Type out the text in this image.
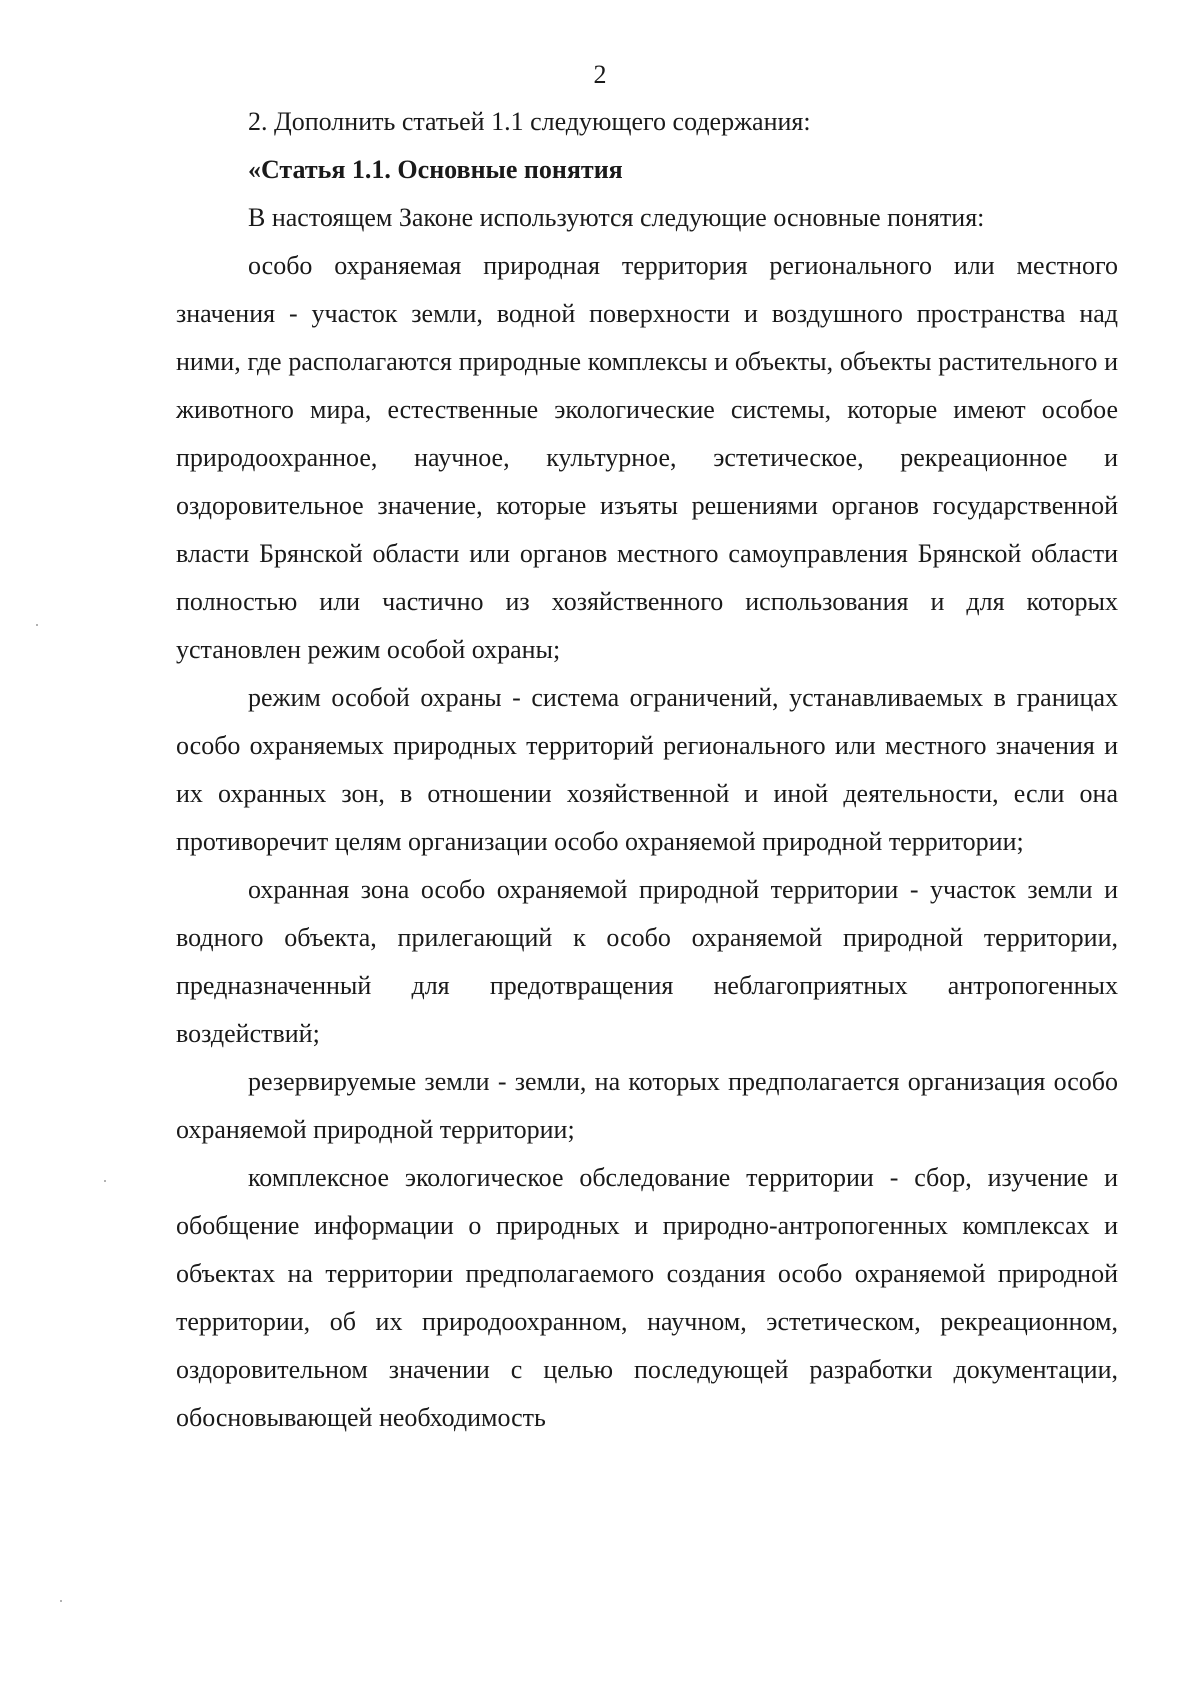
2

2. Дополнить статьей 1.1 следующего содержания:

«Статья 1.1. Основные понятия

В настоящем Законе используются следующие основные понятия:

особо охраняемая природная территория регионального или местного значения - участок земли, водной поверхности и воздушного пространства над ними, где располагаются природные комплексы и объекты, объекты растительного и животного мира, естественные экологические системы, которые имеют особое природоохранное, научное, культурное, эстетическое, рекреационное и оздоровительное значение, которые изъяты решениями органов государственной власти Брянской области или органов местного самоуправления Брянской области полностью или частично из хозяйственного использования и для которых установлен режим особой охраны;

режим особой охраны - система ограничений, устанавливаемых в границах особо охраняемых природных территорий регионального или местного значения и их охранных зон, в отношении хозяйственной и иной деятельности, если она противоречит целям организации особо охраняемой природной территории;

охранная зона особо охраняемой природной территории - участок земли и водного объекта, прилегающий к особо охраняемой природной территории, предназначенный для предотвращения неблагоприятных антропогенных воздействий;

резервируемые земли - земли, на которых предполагается организация особо охраняемой природной территории;

комплексное экологическое обследование территории - сбор, изучение и обобщение информации о природных и природно-антропогенных комплексах и объектах на территории предполагаемого создания особо охраняемой природной территории, об их природоохранном, научном, эстетическом, рекреационном, оздоровительном значении с целью последующей разработки документации, обосновывающей необходимость
